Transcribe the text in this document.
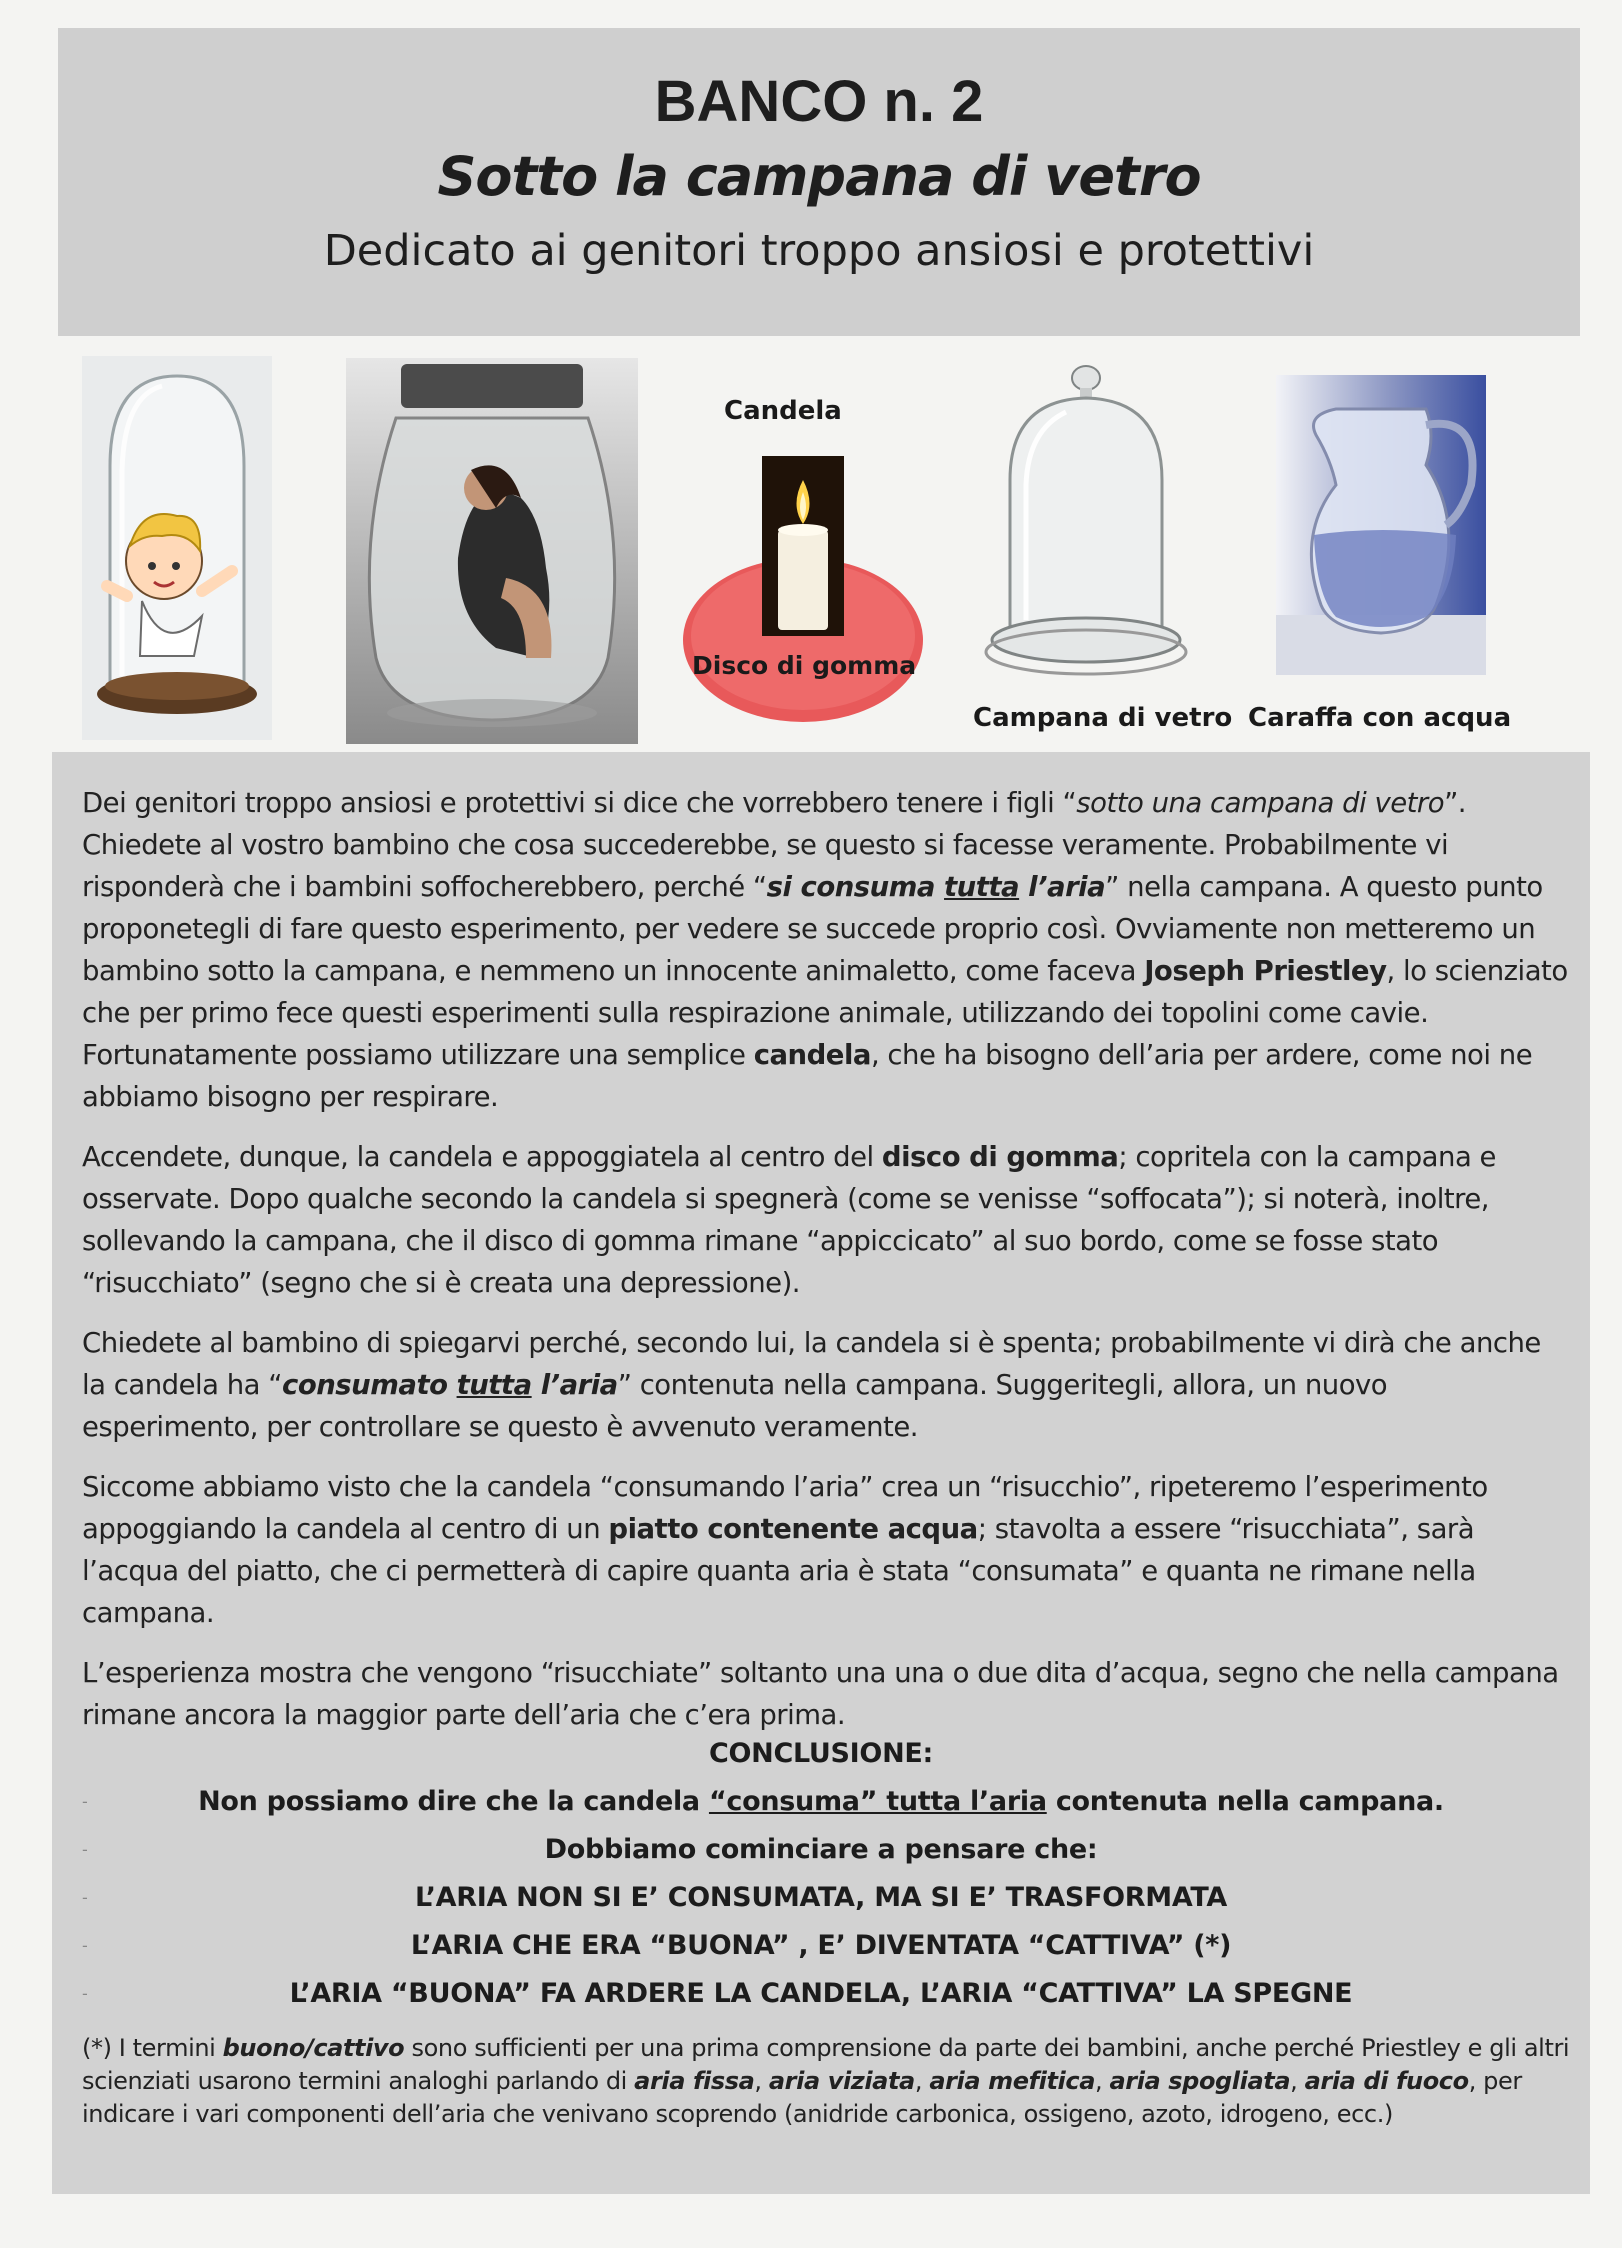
BANCO n. 2
Sotto la campana di vetro
Dedicato ai genitori troppo ansiosi e protettivi
Candela
Disco di gomma
Campana di vetro Caraffa con acqua

Dei genitori troppo ansiosi e protettivi si dice che vorrebbero tenere i figli “sotto una campana di vetro”. Chiedete al vostro bambino che cosa succederebbe, se questo si facesse veramente. Probabilmente vi risponderà che i bambini soffocherebbero, perché “si consuma tutta l’aria” nella campana. A questo punto proponetegli di fare questo esperimento, per vedere se succede proprio così. Ovviamente non metteremo un bambino sotto la campana, e nemmeno un innocente animaletto, come faceva Joseph Priestley, lo scienziato che per primo fece questi esperimenti sulla respirazione animale, utilizzando dei topolini come cavie. Fortunatamente possiamo utilizzare una semplice candela, che ha bisogno dell’aria per ardere, come noi ne abbiamo bisogno per respirare.

Accendete, dunque, la candela e appoggiatela al centro del disco di gomma; copritela con la campana e osservate. Dopo qualche secondo la candela si spegnerà (come se venisse “soffocata”); si noterà, inoltre, sollevando la campana, che il disco di gomma rimane “appiccicato” al suo bordo, come se fosse stato “risucchiato” (segno che si è creata una depressione).

Chiedete al bambino di spiegarvi perché, secondo lui, la candela si è spenta; probabilmente vi dirà che anche la candela ha “consumato tutta l’aria” contenuta nella campana. Suggeritegli, allora, un nuovo esperimento, per controllare se questo è avvenuto veramente.

Siccome abbiamo visto che la candela “consumando l’aria” crea un “risucchio”, ripeteremo l’esperimento appoggiando la candela al centro di un piatto contenente acqua; stavolta a essere “risucchiata”, sarà l’acqua del piatto, che ci permetterà di capire quanta aria è stata “consumata” e quanta ne rimane nella campana.

L’esperienza mostra che vengono “risucchiate” soltanto una una o due dita d’acqua, segno che nella campana rimane ancora la maggior parte dell’aria che c’era prima.

CONCLUSIONE:
Non possiamo dire che la candela “consuma” tutta l’aria contenuta nella campana.
Dobbiamo cominciare a pensare che:
L’ARIA NON SI E’ CONSUMATA, MA SI E’ TRASFORMATA
L’ARIA CHE ERA “BUONA” , E’ DIVENTATA “CATTIVA” (*)
L’ARIA “BUONA” FA ARDERE LA CANDELA, L’ARIA “CATTIVA” LA SPEGNE
-
-
-
-
-
(*) I termini buono/cattivo sono sufficienti per una prima comprensione da parte dei bambini, anche perché Priestley e gli altri scienziati usarono termini analoghi parlando di aria fissa, aria viziata, aria mefitica, aria spogliata, aria di fuoco, per indicare i vari componenti dell’aria che venivano scoprendo (anidride carbonica, ossigeno, azoto, idrogeno, ecc.)
